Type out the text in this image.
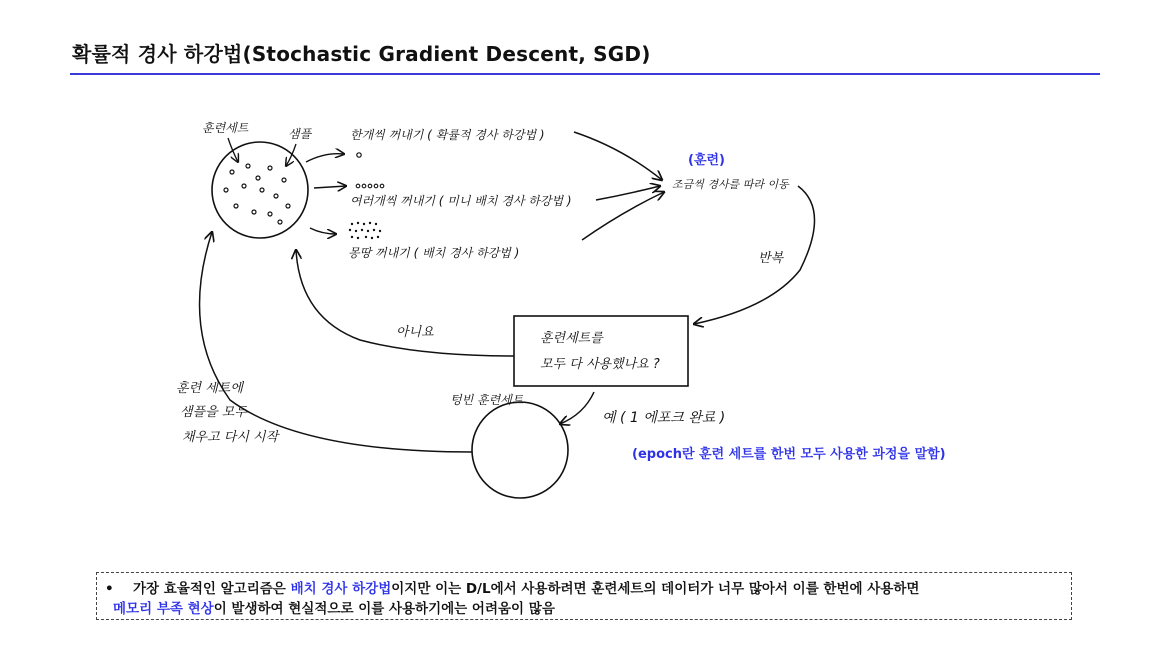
확률적 경사 하강법(Stochastic Gradient Descent, SGD)
훈련세트	샘플	한개씩 꺼내기 ( 확률적 경사 하강법 )
여러개씩 꺼내기 ( 미니 배치 경사 하강법 )
몽땅 꺼내기 ( 배치 경사 하강법 )
(훈련)
조금씩 경사를 따라 이동
반복
훈련세트를
모두 다 사용했나요 ?
아니요
예 ( 1 에포크 완료 )
(epoch란 훈련 세트를 한번 모두 사용한 과정을 말함)
텅빈 훈련세트
훈련 세트에
샘플을 모두
채우고 다시 시작
• 가장 효율적인 알고리즘은 배치 경사 하강법이지만 이는 D/L에서 사용하려면 훈련세트의 데이터가 너무 많아서 이를 한번에 사용하면
메모리 부족 현상이 발생하여 현실적으로 이를 사용하기에는 어려움이 많음
